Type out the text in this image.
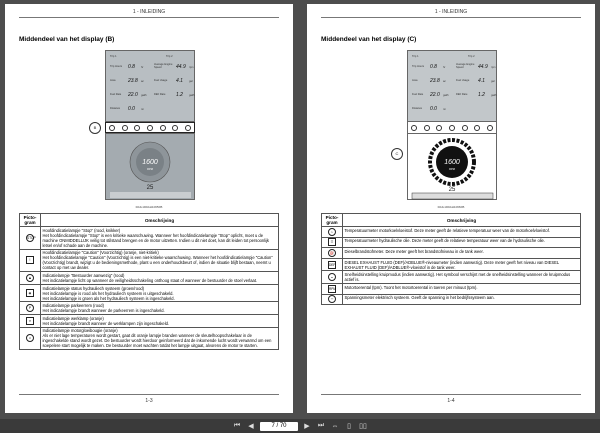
1 - INLEIDING
Middendeel van het display (B)
Trip 1	Trip 2
Trip Hours 0.8 hr
Average Engine Speed	44.9 rpm
Area	23.8 ac	Fuel Usage 4.1 gal
Fuel Rate 22.0 gal/h	DEF Rate 1.2 gal/h
Distance 0.0 mi
1600
RPM
25
B
RAIL19DAH1065FB
Picto-gram	Omschrijving
STOP	Hoofdindicatielampje "Stop" (rood, knikker)
Het hoofdindicatielampje "Stop" is een kritieke waarschuwing. Wanneer het hoofdindicatielampje "Stop" oplicht, moet u de machine ONMIDDELLIJK veilig tot stilstand brengen en de motor uitzetten. Indien u dit niet doet, kan dit leiden tot persoonlijk letsel en/of schade aan de machine.
!	Hoofdindicatielampje "Caution" (Voorzichtig) (oranje, niet-kritiek)
Het hoofdindicatielampje "Caution" (Voorzichtig) is een niet-kritieke waarschuwing. Wanneer het hoofdindicatielampje "Caution" (Voorzichtig) brandt, wijzigt u de bedieningsmethode, plant u een onderhoudsbeurt of, indien de situatie blijft bestaan, neemt u contact op met uw dealer.
♟	Indicatielampje "Bestuurder aanwezig" (rood)
Het indicatielampje licht op wanneer de veiligheidsschakeling onthoog staat of wanneer de bestuurder de stoel verlaat.
◉	Indicatielampje status hydrauliech systeem (groen/rood)
Het indicatielampje is rood als het hydrauliech systeem is uitgeschakeld.
Het indicatielampje is groen als het hydrauliech systeem is ingeschakeld.
P	Indicatielampje parkeerrem (rood)
Het indicatielampje brandt wanneer de parkeerrem is ingeschakeld.
☀	Indicatielampje werklamp (oranje)
Het indicatielampje brandt wanneer de werklampen zijn ingeschakeld.
∨	Indicatielampje motorgloeibougie (oranje)
Als er niet lage temperaturen wordt gestart, gaat dit oranje lampje branden wanneer de sleutelhoopschakelaar in de ingeschakelde stand wordt gezet. De bestuurder wordt hierdoor geinformeerd dat de inkomende lucht wordt verwarmd om een soepelere start mogelijk te maken. De bestuurder moet wachten totdat het lampje uitgaat, alvorens de motor te starten.
1-3
1 - INLEIDING
Middendeel van het display (C)
Trip 1	Trip 2
Trip Hours 0.8 hr
Average Engine Speed	44.9 rpm
Area	23.8 ac	Fuel Usage 4.1 gal
Fuel Rate 22.0 gal/h	DEF Rate 1.2 gal/h
Distance 0.0 mi
1600
RPM
25
C
RAIL19DAH1066FB
Picto-gram	Omschrijving
♨	Temperatuurmeter motorkoelvloeistof. Deze meter geeft de relatieve temperatuur weer van de motorkoelvloeistof.
☲	Temperatuurmeter hydraulische olie. Deze meter geeft de relatieve temperatuur weer van de hydraulische olie.
⛽	Dieselbrandstofmeter. Deze meter geeft het brandstofniveau in de tank weer.
DEF	DIESEL EXHAUST FLUID (DEF)/ADBLUE®-niveaumeter (indien aanwezig). Deze meter geeft het niveau van DIESEL EXHAUST FLUID (DEF)/ADBLUE®-vloeistof in de tank weer.
◒	Snelheidsinstelling kruipmodus (indien aanwezig). Het symbool verschijnt met de snelheidsinstelling wanneer de kruipmodus actief is.
RPM	Motortoerental (tpm). Toont het motortoerental in toeren per minuut (tpm).
⎓	Spanningsmeter elektrisch systeem. Geeft de spanning in het bedrijfssysteem aan.
1-4
⏮	◀	7 / 70	▶	⏭ ⇔	▯	▯▯
